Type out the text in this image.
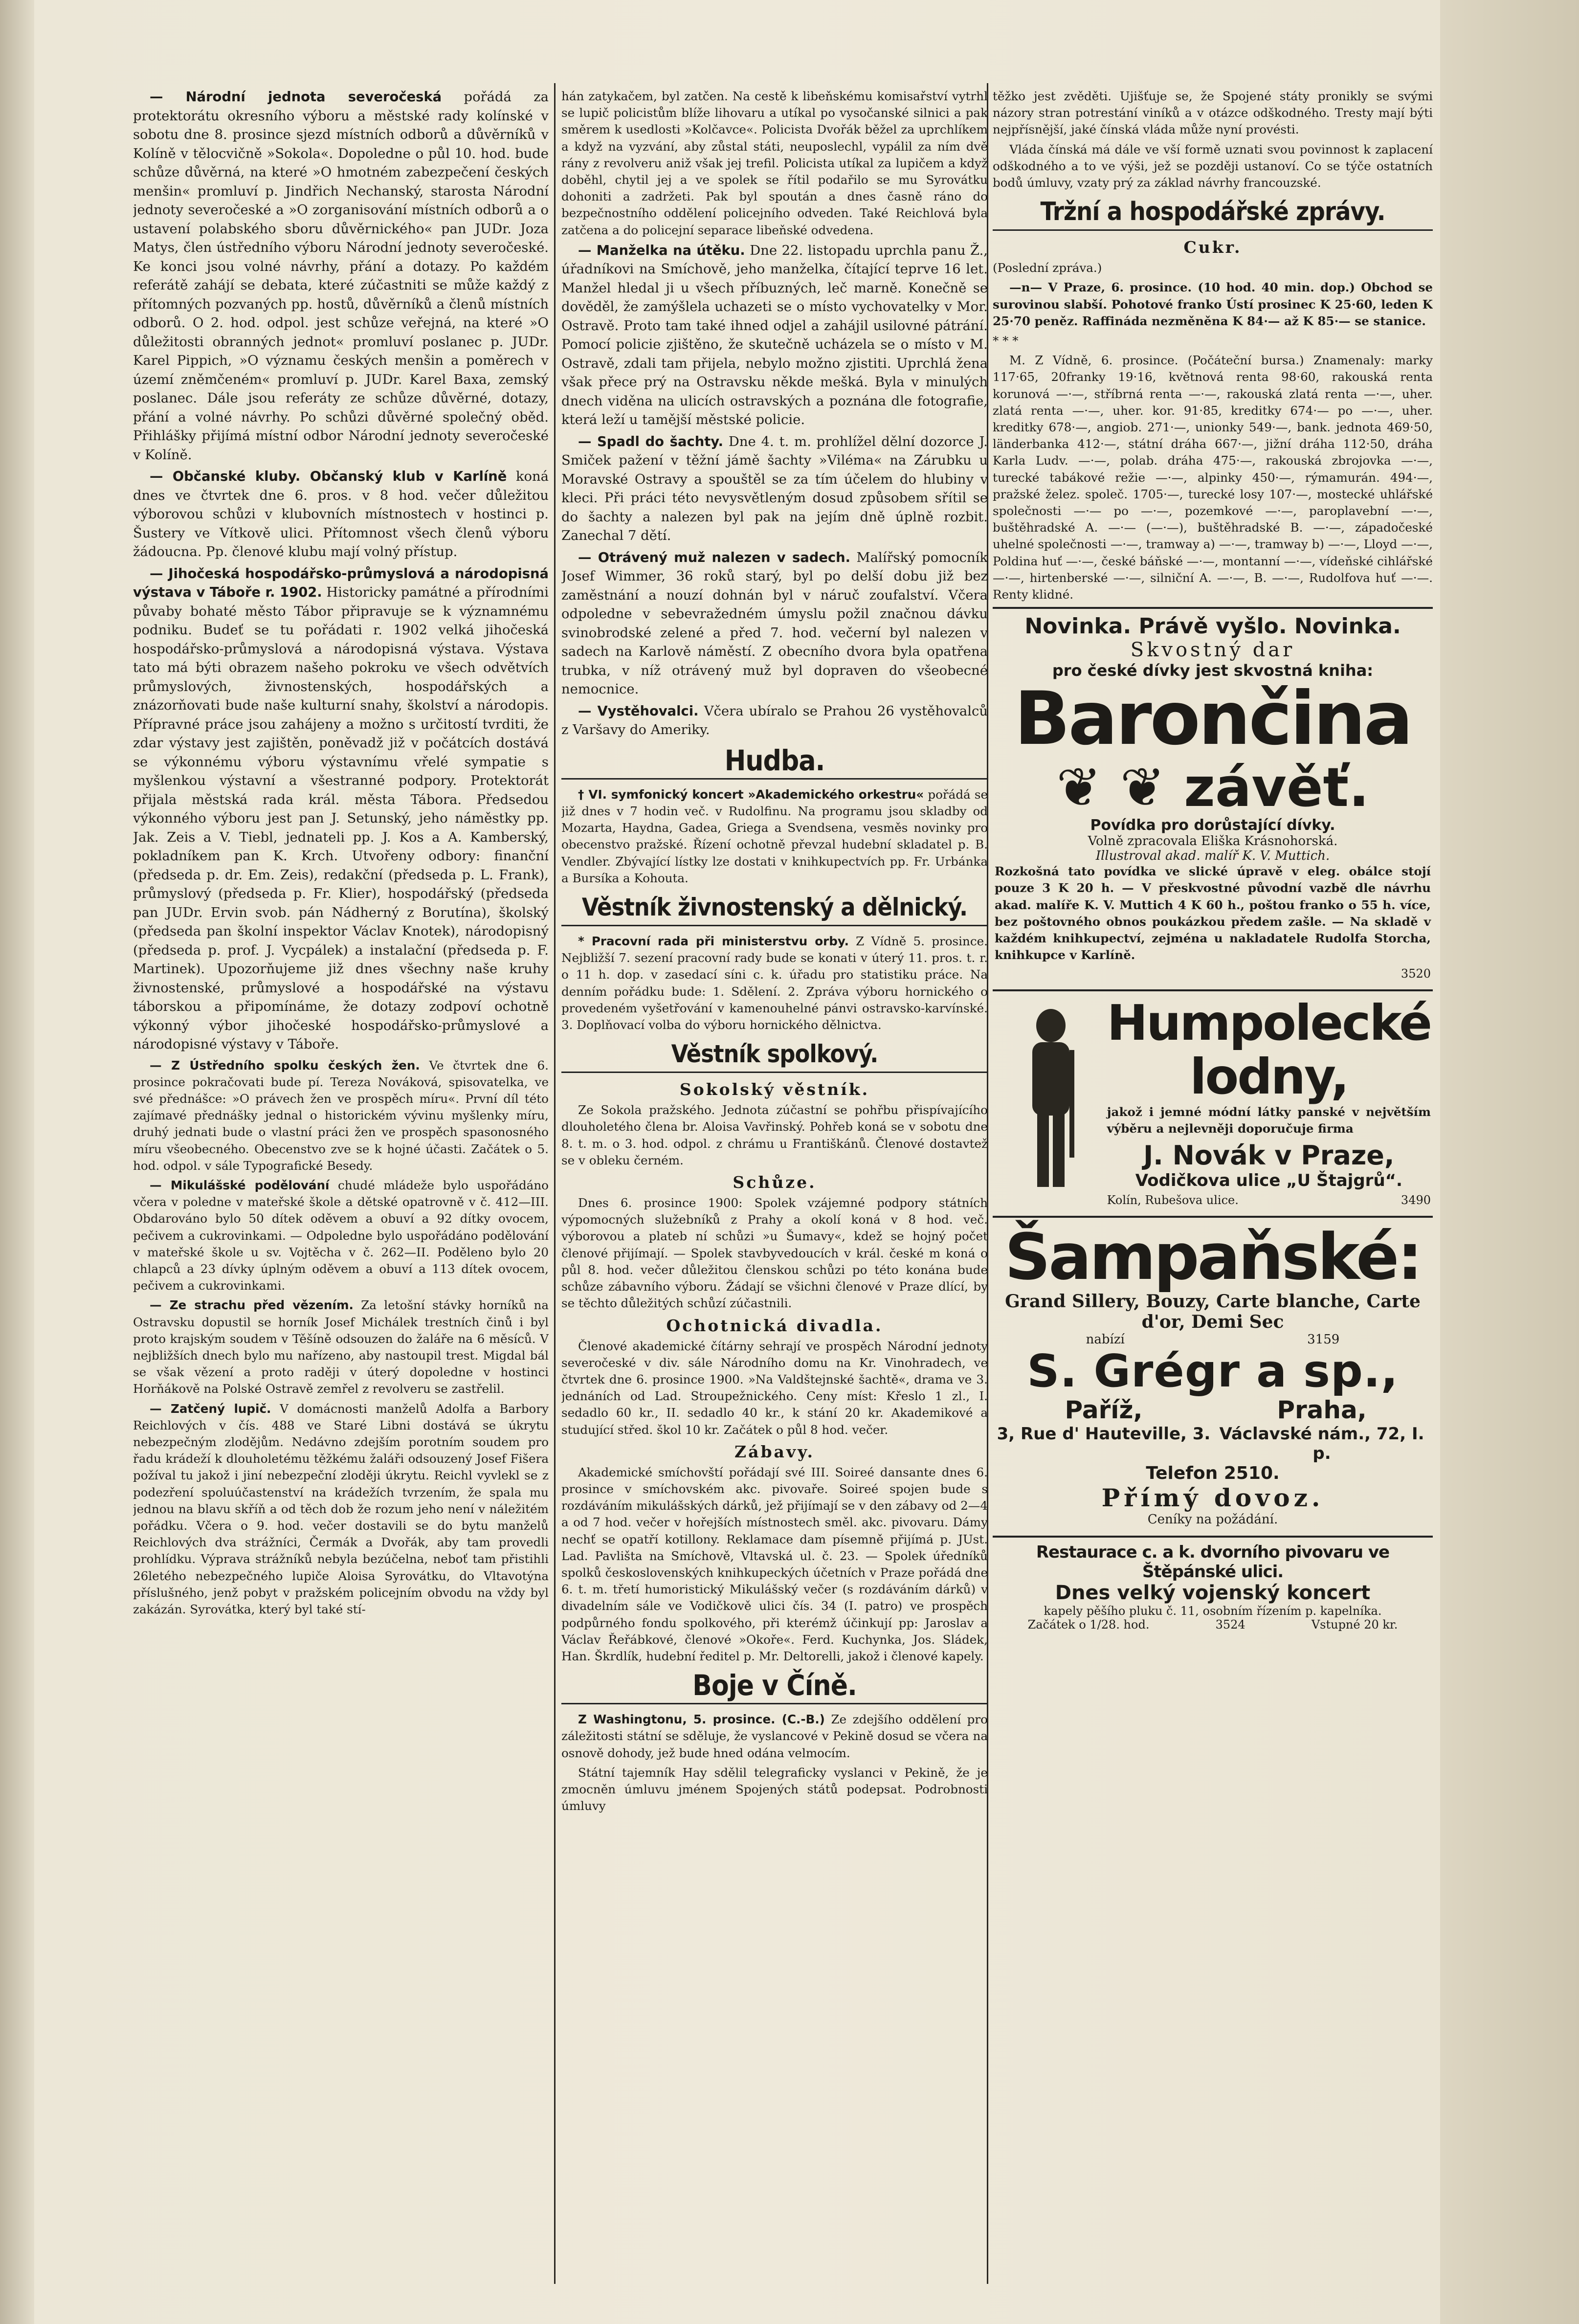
— Národní jednota severočeská pořádá za protektorátu okresního výboru a městské rady kolínské v sobotu dne 8. prosince sjezd místních odborů a důvěrníků v Kolíně v tělocvičně »Sokola«. Dopoledne o půl 10. hod. bude schůze důvěrná, na které »O hmotném zabezpečení českých menšin« promluví p. Jindřich Nechanský, starosta Národní jednoty severočeské a »O zorganisování místních odborů a o ustavení polabského sboru důvěrnického« pan JUDr. Joza Matys, člen ústředního výboru Národní jednoty severočeské. Ke konci jsou volné návrhy, přání a dotazy. Po každém referátě zahájí se debata, které zúčastniti se může každý z přítomných pozvaných pp. hostů, důvěrníků a členů místních odborů. O 2. hod. odpol. jest schůze veřejná, na které »O důležitosti obranných jednot« promluví poslanec p. JUDr. Karel Pippich, »O významu českých menšin a poměrech v území zněmčeném« promluví p. JUDr. Karel Baxa, zemský poslanec. Dále jsou referáty ze schůze důvěrné, dotazy, přání a volné návrhy. Po schůzi důvěrné společný oběd. Přihlášky přijímá místní odbor Národní jednoty severočeské v Kolíně.

— Občanské kluby. Občanský klub v Karlíně koná dnes ve čtvrtek dne 6. pros. v 8 hod. večer důležitou výborovou schůzi v klubovních místnostech v hostinci p. Šustery ve Vítkově ulici. Přítomnost všech členů výboru žádoucna. Pp. členové klubu mají volný přístup.

— Jihočeská hospodářsko-průmyslová a národopisná výstava v Táboře r. 1902. Historicky památné a přírodními půvaby bohaté město Tábor připravuje se k významnému podniku. Budeť se tu pořádati r. 1902 velká jihočeská hospodářsko-průmyslová a národopisná výstava. Výstava tato má býti obrazem našeho pokroku ve všech odvětvích průmyslových, živnostenských, hospodářských a znázorňovati bude naše kulturní snahy, školství a národopis. Přípravné práce jsou zahájeny a možno s určitostí tvrditi, že zdar výstavy jest zajištěn, poněvadž již v počátcích dostává se výkonnému výboru výstavnímu vřelé sympatie s myšlenkou výstavní a všestranné podpory. Protektorát přijala městská rada král. města Tábora. Předsedou výkonného výboru jest pan J. Setunský, jeho náměstky pp. Jak. Zeis a V. Tiebl, jednateli pp. J. Kos a A. Kamberský, pokladníkem pan K. Krch. Utvořeny odbory: finanční (předseda p. dr. Em. Zeis), redakční (předseda p. L. Frank), průmyslový (předseda p. Fr. Klier), hospodářský (předseda pan JUDr. Ervin svob. pán Nádherný z Borutína), školský (předseda pan školní inspektor Václav Knotek), národopisný (předseda p. prof. J. Vycpálek) a instalační (předseda p. F. Martinek). Upozorňujeme již dnes všechny naše kruhy živnostenské, průmyslové a hospodářské na výstavu táborskou a připomínáme, že dotazy zodpoví ochotně výkonný výbor jihočeské hospodářsko-průmyslové a národopisné výstavy v Táboře.

— Z Ústředního spolku českých žen. Ve čtvrtek dne 6. prosince pokračovati bude pí. Tereza Nováková, spisovatelka, ve své přednášce: »O právech žen ve prospěch míru«. První díl této zajímavé přednášky jednal o historickém vývinu myšlenky míru, druhý jednati bude o vlastní práci žen ve prospěch spasonosného míru všeobecného. Obecenstvo zve se k hojné účasti. Začátek o 5. hod. odpol. v sále Typografické Besedy.

— Mikulášské podělování chudé mládeže bylo uspořádáno včera v poledne v mateřské škole a dětské opatrovně v č. 412—III. Obdarováno bylo 50 dítek oděvem a obuví a 92 dítky ovocem, pečivem a cukrovinkami. — Odpoledne bylo uspořádáno podělování v mateřské škole u sv. Vojtěcha v č. 262—II. Poděleno bylo 20 chlapců a 23 dívky úplným oděvem a obuví a 113 dítek ovocem, pečivem a cukrovinkami.

— Ze strachu před vězením. Za letošní stávky horníků na Ostravsku dopustil se horník Josef Michálek trestních činů i byl proto krajským soudem v Těšíně odsouzen do žaláře na 6 měsíců. V nejbližších dnech bylo mu nařízeno, aby nastoupil trest. Migdal bál se však vězení a proto raději v úterý dopoledne v hostinci Horňákově na Polské Ostravě zemřel z revolveru se zastřelil.

— Zatčený lupič. V domácnosti manželů Adolfa a Barbory Reichlových v čís. 488 ve Staré Libni dostává se úkrytu nebezpečným zlodějům. Nedávno zdejším porotním soudem pro řadu krádeží k dlouholetému těžkému žaláři odsouzený Josef Fišera požíval tu jakož i jiní nebezpeční zloději úkrytu. Reichl vyvlekl se z podezření spoluúčastenství na krádežích tvrzením, že spala mu jednou na blavu skříň a od těch dob že rozum jeho není v náležitém pořádku. Včera o 9. hod. večer dostavili se do bytu manželů Reichlových dva strážníci, Čermák a Dvořák, aby tam provedli prohlídku. Výprava strážníků nebyla bezúčelna, neboť tam přistihli 26letého nebezpečného lupiče Aloisa Syrovátku, do Vltavotýna příslušného, jenž pobyt v pražském policejním obvodu na vždy byl zakázán. Syrovátka, který byl také stí-

hán zatykačem, byl zatčen. Na cestě k libeňskému komisařství vytrhl se lupič policistům blíže lihovaru a utíkal po vysočanské silnici a pak směrem k usedlosti »Kolčavce«. Policista Dvořák běžel za uprchlíkem a když na vyzvání, aby zůstal státi, neuposlechl, vypálil za ním dvě rány z revolveru aniž však jej trefil. Policista utíkal za lupičem a když doběhl, chytil jej a ve spolek se řítil podařilo se mu Syrovátku dohoniti a zadržeti. Pak byl spoután a dnes časně ráno do bezpečnostního oddělení policejního odveden. Také Reichlová byla zatčena a do policejní separace libeňské odvedena.

— Manželka na útěku. Dne 22. listopadu uprchla panu Ž., úřadníkovi na Smíchově, jeho manželka, čítající teprve 16 let. Manžel hledal ji u všech příbuzných, leč marně. Konečně se dověděl, že zamýšlela uchazeti se o místo vychovatelky v Mor. Ostravě. Proto tam také ihned odjel a zahájil usilovné pátrání. Pomocí policie zjištěno, že skutečně ucházela se o místo v M. Ostravě, zdali tam přijela, nebylo možno zjistiti. Uprchlá žena však přece prý na Ostravsku někde mešká. Byla v minulých dnech viděna na ulicích ostravských a poznána dle fotografie, která leží u tamější městské policie.

— Spadl do šachty. Dne 4. t. m. prohlížel dělní dozorce J. Smiček pažení v těžní jámě šachty »Viléma« na Zárubku u Moravské Ostravy a spouštěl se za tím účelem do hlubiny v kleci. Při práci této nevysvětleným dosud způsobem sřítil se do šachty a nalezen byl pak na jejím dně úplně rozbit. Zanechal 7 dětí.

— Otrávený muž nalezen v sadech. Malířský pomocník Josef Wimmer, 36 roků starý, byl po delší dobu již bez zaměstnání a nouzí dohnán byl v náruč zoufalství. Včera odpoledne v sebevražedném úmyslu požil značnou dávku svinobrodské zelené a před 7. hod. večerní byl nalezen v sadech na Karlově náměstí. Z obecního dvora byla opatřena trubka, v níž otrávený muž byl dopraven do všeobecné nemocnice.

— Vystěhovalci. Včera ubíralo se Prahou 26 vystěhovalců z Varšavy do Ameriky.

Hudba.

† VI. symfonický koncert »Akademického orkestru« pořádá se již dnes v 7 hodin več. v Rudolfinu. Na programu jsou skladby od Mozarta, Haydna, Gadea, Griega a Svendsena, vesměs novinky pro obecenstvo pražské. Řízení ochotně převzal hudební skladatel p. B. Vendler. Zbývající lístky lze dostati v knihkupectvích pp. Fr. Urbánka a Bursíka a Kohouta.

Věstník živnostenský a dělnický.

* Pracovní rada při ministerstvu orby. Z Vídně 5. prosince. Nejbližší 7. sezení pracovní rady bude se konati v úterý 11. pros. t. r. o 11 h. dop. v zasedací síni c. k. úřadu pro statistiku práce. Na denním pořádku bude: 1. Sdělení. 2. Zpráva výboru hornického o provedeném vyšetřování v kamenouhelné pánvi ostravsko-karvínské. 3. Doplňovací volba do výboru hornického dělnictva.

Věstník spolkový.
Sokolský věstník.

Ze Sokola pražského. Jednota zúčastní se pohřbu přispívajícího dlouholetého člena br. Aloisa Vavřinský. Pohřeb koná se v sobotu dne 8. t. m. o 3. hod. odpol. z chrámu u Františkánů. Členové dostavtež se v obleku černém.

Schůze.

Dnes 6. prosince 1900: Spolek vzájemné podpory státních výpomocných služebníků z Prahy a okolí koná v 8 hod. več. výborovou a plateb ní schůzi »u Šumavy«, kdež se hojný počet členové přijímají. — Spolek stavbyvedoucích v král. české m koná o půl 8. hod. večer důležitou členskou schůzi po této konána bude schůze zábavního výboru. Žádají se všichni členové v Praze dlící, by se těchto důležitých schůzí zúčastnili.

Ochotnická divadla.

Členové akademické čítárny sehrají ve prospěch Národní jednoty severočeské v div. sále Národního domu na Kr. Vinohradech, ve čtvrtek dne 6. prosince 1900. »Na Valdštejnské šachtě«, drama ve 3. jednáních od Lad. Stroupežnického. Ceny míst: Křeslo 1 zl., I. sedadlo 60 kr., II. sedadlo 40 kr., k stání 20 kr. Akademikové a studující střed. škol 10 kr. Začátek o půl 8 hod. večer.

Zábavy.

Akademické smíchovští pořádají své III. Soireé dansante dnes 6. prosince v smíchovském akc. pivovaře. Soireé spojen bude s rozdáváním mikulášských dárků, jež přijímají se v den zábavy od 2—4 a od 7 hod. večer v hořejších místnostech směl. akc. pivovaru. Dámy nechť se opatří kotillony. Reklamace dam písemně přijímá p. JUst. Lad. Pavlišta na Smíchově, Vltavská ul. č. 23. — Spolek úředníků spolků československých knihkupeckých účetních v Praze pořádá dne 6. t. m. třetí humoristický Mikulášský večer (s rozdáváním dárků) v divadelním sále ve Vodičkově ulici čís. 34 (I. patro) ve prospěch podpůrného fondu spolkového, při kterémž účinkují pp: Jaroslav a Václav Řeřábkové, členové »Okoře«. Ferd. Kuchynka, Jos. Sládek, Han. Škrdlík, hudební ředitel p. Mr. Deltorelli, jakož i členové kapely.

Boje v Číně.

Z Washingtonu, 5. prosince. (C.-B.) Ze zdejšího oddělení pro záležitosti státní se sděluje, že vyslancové v Pekině dosud se včera na osnově dohody, jež bude hned odána velmocím.

Státní tajemník Hay sdělil telegraficky vyslanci v Pekině, že je zmocněn úmluvu jménem Spojených států podepsat. Podrobnosti úmluvy

těžko jest zvěděti. Ujišťuje se, že Spojené státy pronikly se svými názory stran potrestání viníků a v otázce odškodného. Tresty mají býti nejpřísnější, jaké čínská vláda může nyní provésti.

Vláda čínská má dále ve vší formě uznati svou povinnost k zaplacení odškodného a to ve výši, jež se později ustanoví. Co se týče ostatních bodů úmluvy, vzaty prý za základ návrhy francouzské.

Tržní a hospodářské zprávy.
Cukr.

(Poslední zpráva.)

—n— V Praze, 6. prosince. (10 hod. 40 min. dop.) Obchod se surovinou slabší. Pohotové franko Ústí prosinec K 25·60, leden K 25·70 peněz. Raffináda nezměněna K 84·— až K 85·— se stanice.

* * *

M. Z Vídně, 6. prosince. (Počáteční bursa.) Znamenaly: marky 117·65, 20franky 19·16, květnová renta 98·60, rakouská renta korunová —·—, stříbrná renta —·—, rakouská zlatá renta —·—, uher. zlatá renta —·—, uher. kor. 91·85, kreditky 674·— po —·—, uher. kreditky 678·—, angiob. 271·—, unionky 549·—, bank. jednota 469·50, länderbanka 412·—, státní dráha 667·—, jižní dráha 112·50, dráha Karla Ludv. —·—, polab. dráha 475·—, rakouská zbrojovka —·—, turecké tabákové režie —·—, alpinky 450·—, rýmamurán. 494·—, pražské želez. společ. 1705·—, turecké losy 107·—, mostecké uhlářské společnosti —·— po —·—, pozemkové —·—, paroplavební —·—, buštěhradské A. —·— (—·—), buštěhradské B. —·—, západočeské uhelné společnosti —·—, tramway a) —·—, tramway b) —·—, Lloyd —·—, Poldina huť —·—, české báňské —·—, montanní —·—, vídeňské cihlářské —·—, hirtenberské —·—, silniční A. —·—, B. —·—, Rudolfova huť —·—. Renty klidné.

Novinka. Právě vyšlo. Novinka.
Skvostný dar
pro české dívky jest skvostná kniha:
Barončina
❦ ❦ závěť.
Povídka pro dorůstající dívky.
Volně zpracovala Eliška Krásnohorská.
Illustroval akad. malíř K. V. Muttich.

Rozkošná tato povídka ve slické úpravě v eleg. obálce stojí pouze 3 K 20 h. — V přeskvostné původní vazbě dle návrhu akad. malíře K. V. Muttich 4 K 60 h., poštou franko o 55 h. více, bez poštovného obnos poukázkou předem zašle. — Na skladě v každém knihkupectví, zejména u nakladatele Rudolfa Storcha, knihkupce v Karlíně.

3520
Humpolecké lodny,

jakož i jemné módní látky panské v největším výběru a nejlevněji doporučuje firma

J. Novák v Praze,
Vodičkova ulice „U Štajgrů“.
Kolín, Rubešova ulice.	3490
Šampaňské:
Grand Sillery, Bouzy, Carte blanche, Carte d'or, Demi Sec
nabízí	3159
S. Grégr a sp.,
Paříž,
3, Rue d' Hauteville, 3.
Praha,
Václavské nám., 72, I. p.
Telefon 2510.
Přímý dovoz.
Ceníky na požádání.
Restaurace c. a k. dvorního pivovaru ve Štěpánské ulici.
Dnes velký vojenský koncert
kapely pěšího pluku č. 11, osobním řízením p. kapelníka.
Začátek o 1/28. hod.	3524	Vstupné 20 kr.
